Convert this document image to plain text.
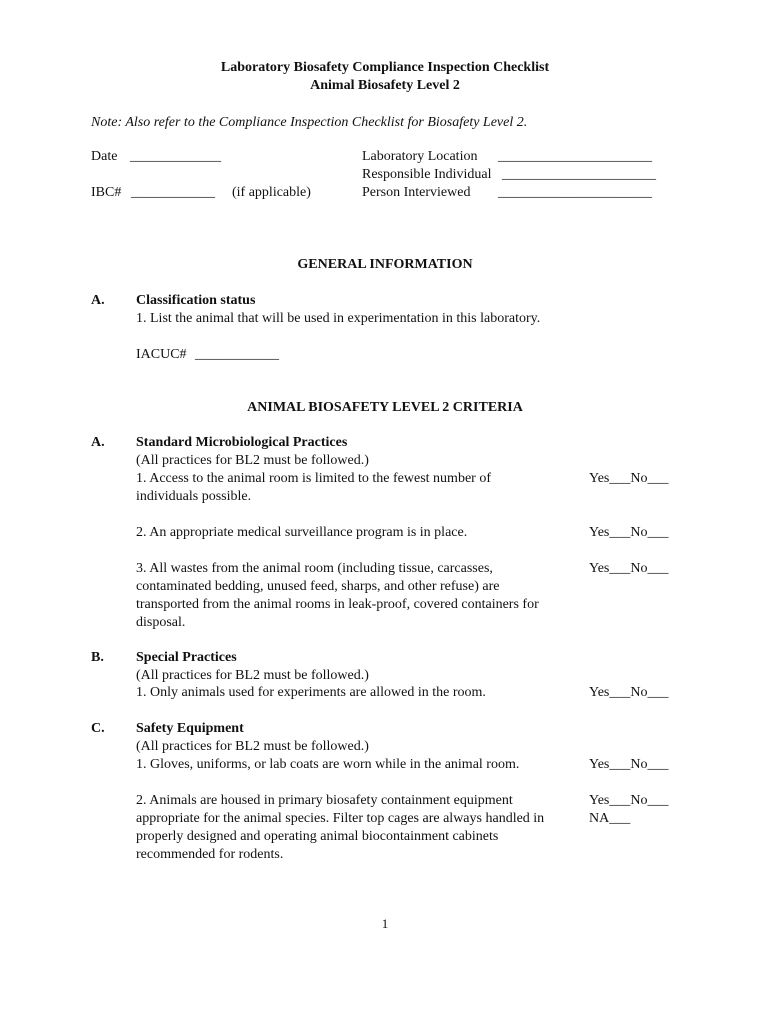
Laboratory Biosafety Compliance Inspection Checklist
Animal Biosafety Level 2
Note: Also refer to the Compliance Inspection Checklist for Biosafety Level 2.
Date _____________
IBC# ____________ (if applicable)
Laboratory Location ______________________
Responsible Individual ______________________
Person Interviewed ______________________
GENERAL INFORMATION
A. Classification status
1. List the animal that will be used in experimentation in this laboratory.
IACUC# ____________
ANIMAL BIOSAFETY LEVEL 2 CRITERIA
A. Standard Microbiological Practices
(All practices for BL2 must be followed.)
1. Access to the animal room is limited to the fewest number of individuals possible.
Yes___No___
2. An appropriate medical surveillance program is in place.	Yes___No___
3. All wastes from the animal room (including tissue, carcasses, contaminated bedding, unused feed, sharps, and other refuse) are transported from the animal rooms in leak-proof, covered containers for disposal.
Yes___No___
B. Special Practices
(All practices for BL2 must be followed.)
1. Only animals used for experiments are allowed in the room.	Yes___No___
C. Safety Equipment
(All practices for BL2 must be followed.)
1. Gloves, uniforms, or lab coats are worn while in the animal room.	Yes___No___
2. Animals are housed in primary biosafety containment equipment appropriate for the animal species. Filter top cages are always handled in properly designed and operating animal biocontainment cabinets recommended for rodents.
Yes___No___
NA___
1
